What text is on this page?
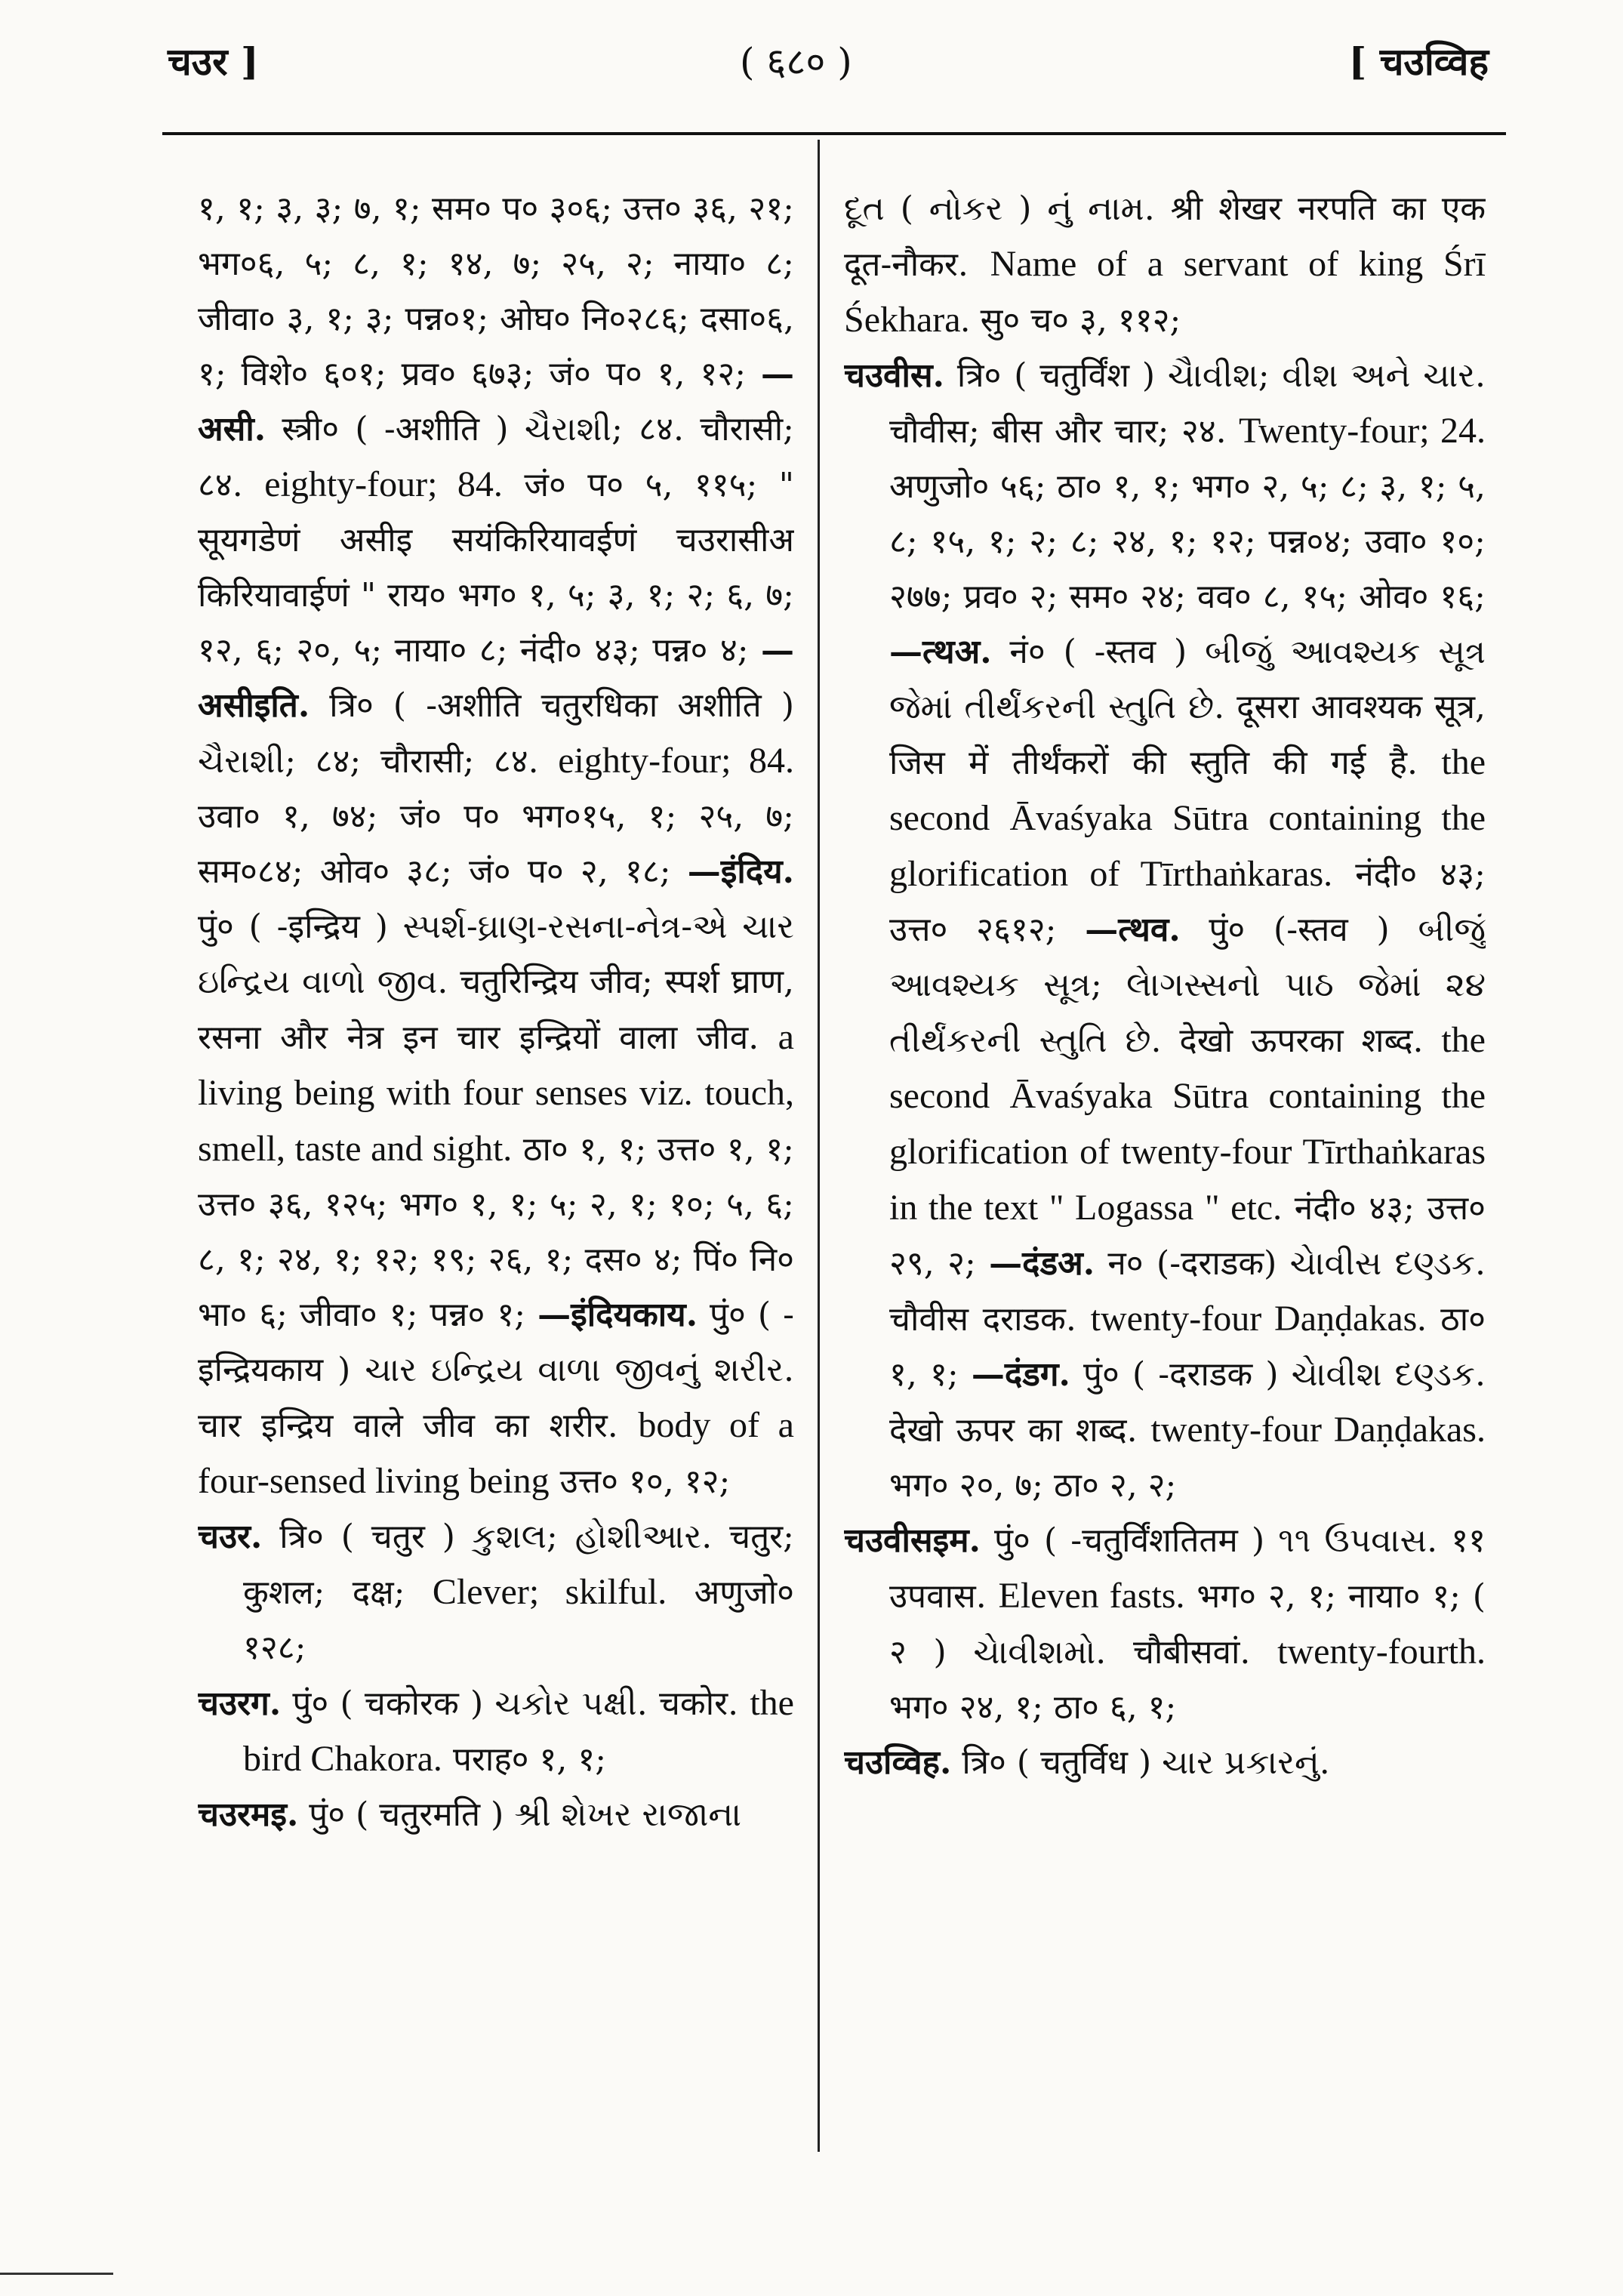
चउर ]	( ६८० )	[ चउव्विह

१, १; ३, ३; ७, १; सम० प० ३०६; उत्त० ३६, २१; भग०६, ५; ८, १; १४, ७; २५, २; नाया० ८; जीवा० ३, १; ३; पन्न०१; ओघ० नि०२८६; दसा०६, १; विशे० ६०१; प्रव० ६७३; जं० प० १, १२; —असी. स्त्री० ( -अशीति ) ચૈરાશી; ८४. चौरासी; ८४. eighty-four; 84. जं० प० ५, ११५; " सूयगडेणं असीइ सयंकिरियावईणं चउरासीअ किरियावाईणं " राय० भग० १, ५; ३, १; २; ६, ७; १२, ६; २०, ५; नाया० ८; नंदी० ४३; पन्न० ४; —असीइति. त्रि० ( -अशीति चतुरधिका अशीति ) ચૈરાશી; ८४; चौरासी; ८४. eighty-four; 84. उवा० १, ७४; जं० प० भग०१५, १; २५, ७; सम०८४; ओव० ३८; जं० प० २, १८; —इंदिय. पुं० ( -इन्द्रिय ) સ્પર્શ-ઘ્રાણ-રસના-નેત્ર-એ ચાર ઇન્દ્રિય વાળો જીવ. चतुरिन्द्रिय जीव; स्पर्श घ्राण, रसना और नेत्र इन चार इन्द्रियों वाला जीव. a living being with four senses viz. touch, smell, taste and sight. ठा० १, १; उत्त० १, १; उत्त० ३६, १२५; भग० १, १; ५; २, १; १०; ५, ६; ८, १; २४, १; १२; १९; २६, १; दस० ४; पिं० नि० भा० ६; जीवा० १; पन्न० १; —इंदियकाय. पुं० ( -इन्द्रियकाय ) ચાર ઇન્દ્રિય વાળા જીવનું શરીર. चार इन्द्रिय वाले जीव का शरीर. body of a four-sensed living being उत्त० १०, १२;

चउर. त्रि० ( चतुर ) કુશલ; હોશીઆર. चतुर; कुशल; दक्ष; Clever; skilful. अणुजो० १२८;

चउरग. पुं० ( चकोरक ) ચકોર પક્ષી. चकोर. the bird Chakora. पराह० १, १;

चउरमइ. पुं० ( चतुरमति ) શ્રી શેખર રાજાના

દૂત ( નોકર ) નું નામ. श्री शेखर नरपति का एक दूत-नौकर. Name of a servant of king Śrī Śekhara. सु० च० ३, ११२;

चउवीस. त्रि० ( चतुर्विंश ) ચૈાવીશ; વીશ અને ચાર. चौवीस; बीस और चार; २४. Twenty-four; 24. अणुजो० ५६; ठा० १, १; भग० २, ५; ८; ३, १; ५, ८; १५, १; २; ८; २४, १; १२; पन्न०४; उवा० १०; २७७; प्रव० २; सम० २४; वव० ८, १५; ओव० १६; —त्थअ. नं० ( -स्तव ) બીજું આવશ્યક સૂત્ર જેમાં તીર્થંકરની સ્તુતિ છે. दूसरा आवश्यक सूत्र, जिस में तीर्थंकरों की स्तुति की गई है. the second Āvaśyaka Sūtra containing the glorification of Tīrthaṅkaras. नंदी० ४३; उत्त० २६१२; —त्थव. पुं० (-स्तव ) બીજું આવશ્યક સૂત્ર; લેાગસ્સનો પાઠ જેમાં ૨૪ તીર્થંકરની સ્તુતિ છે. देखो ऊपरका शब्द. the second Āvaśyaka Sūtra containing the glorification of twenty-four Tīrthaṅkaras in the text " Logassa " etc. नंदी० ४३; उत्त० २९, २; —दंडअ. न० (-दराडक) ચેાવીસ દણ્ડક. चौवीस दराडक. twenty-four Daṇḍakas. ठा० १, १; —दंडग. पुं० ( -दराडक ) ચેાવીશ દણ્ડક. देखो ऊपर का शब्द. twenty-four Daṇḍakas. भग० २०, ७; ठा० २, २;

चउवीसइम. पुं० ( -चतुर्विंशतितम ) ૧૧ ઉપવાસ. ११ उपवास. Eleven fasts. भग० २, १; नाया० १; ( २ ) ચેાવીશમો. चौबीसवां. twenty-fourth. भग० २४, १; ठा० ६, १;

चउव्विह. त्रि० ( चतुर्विध ) ચાર પ્રકારનું.
